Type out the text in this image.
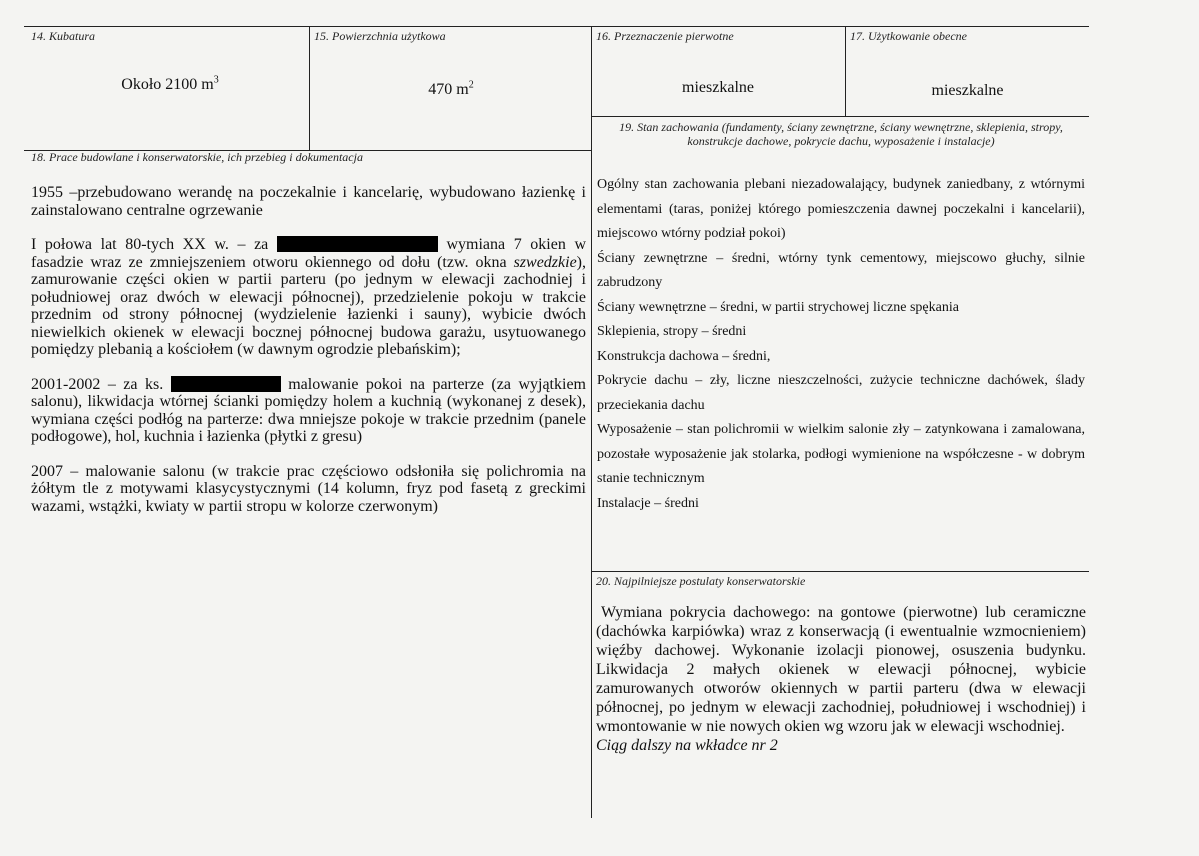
14. Kubatura
Około 2100 $m^3$
15. Powierzchnia użytkowa
470 $m^2$
16. Przeznaczenie pierwotne
mieszkalne
17. Użytkowanie obecne
mieszkalne
18. Prace budowlane i konserwatorskie, ich przebieg i dokumentacja

1955 –przebudowano werandę na poczekalnie i kancelarię, wybudowano łazienkę i zainstalowano centralne ogrzewanie

I połowa lat 80-tych XX w. – za	wymiana 7 okien w fasadzie wraz ze zmniejszeniem otworu okiennego od dołu (tzw. okna szwedzkie), zamurowanie części okien w partii parteru (po jednym w elewacji zachodniej i południowej oraz dwóch w elewacji północnej), przedzielenie pokoju w trakcie przednim od strony północnej (wydzielenie łazienki i sauny), wybicie dwóch niewielkich okienek w elewacji bocznej północnej budowa garażu, usytuowanego pomiędzy plebanią a kościołem (w dawnym ogrodzie plebańskim);

2001-2002 – za ks.	malowanie pokoi na parterze (za wyjątkiem salonu), likwidacja wtórnej ścianki pomiędzy holem a kuchnią (wykonanej z desek), wymiana części podłóg na parterze: dwa mniejsze pokoje w trakcie przednim (panele podłogowe), hol, kuchnia i łazienka (płytki z gresu)

2007 – malowanie salonu (w trakcie prac częściowo odsłoniła się polichromia na żółtym tle z motywami klasycystycznymi (14 kolumn, fryz pod fasetą z greckimi wazami, wstążki, kwiaty w partii stropu w kolorze czerwonym)

19. Stan zachowania (fundamenty, ściany zewnętrzne, ściany wewnętrzne, sklepienia, stropy,
konstrukcje dachowe, pokrycie dachu, wyposażenie i instalacje)

Ogólny stan zachowania plebani niezadowalający, budynek zaniedbany, z wtórnymi elementami (taras, poniżej którego pomieszczenia dawnej poczekalni i kancelarii), miejscowo wtórny podział pokoi)

Ściany zewnętrzne – średni, wtórny tynk cementowy, miejscowo głuchy, silnie zabrudzony

Ściany wewnętrzne – średni, w partii strychowej liczne spękania

Sklepienia, stropy – średni

Konstrukcja dachowa – średni,

Pokrycie dachu – zły, liczne nieszczelności, zużycie techniczne dachówek, ślady przeciekania dachu

Wyposażenie – stan polichromii w wielkim salonie zły – zatynkowana i zamalowana, pozostałe wyposażenie jak stolarka, podłogi wymienione na współczesne - w dobrym stanie technicznym

Instalacje – średni

20. Najpilniejsze postulaty konserwatorskie

Wymiana pokrycia dachowego: na gontowe (pierwotne) lub ceramiczne (dachówka karpiówka) wraz z konserwacją (i ewentualnie wzmocnieniem) więźby dachowej. Wykonanie izolacji pionowej, osuszenia budynku. Likwidacja 2 małych okienek w elewacji północnej, wybicie zamurowanych otworów okiennych w partii parteru (dwa w elewacji północnej, po jednym w elewacji zachodniej, południowej i wschodniej) i wmontowanie w nie nowych okien wg wzoru jak w elewacji wschodniej.

Ciąg dalszy na wkładce nr 2
